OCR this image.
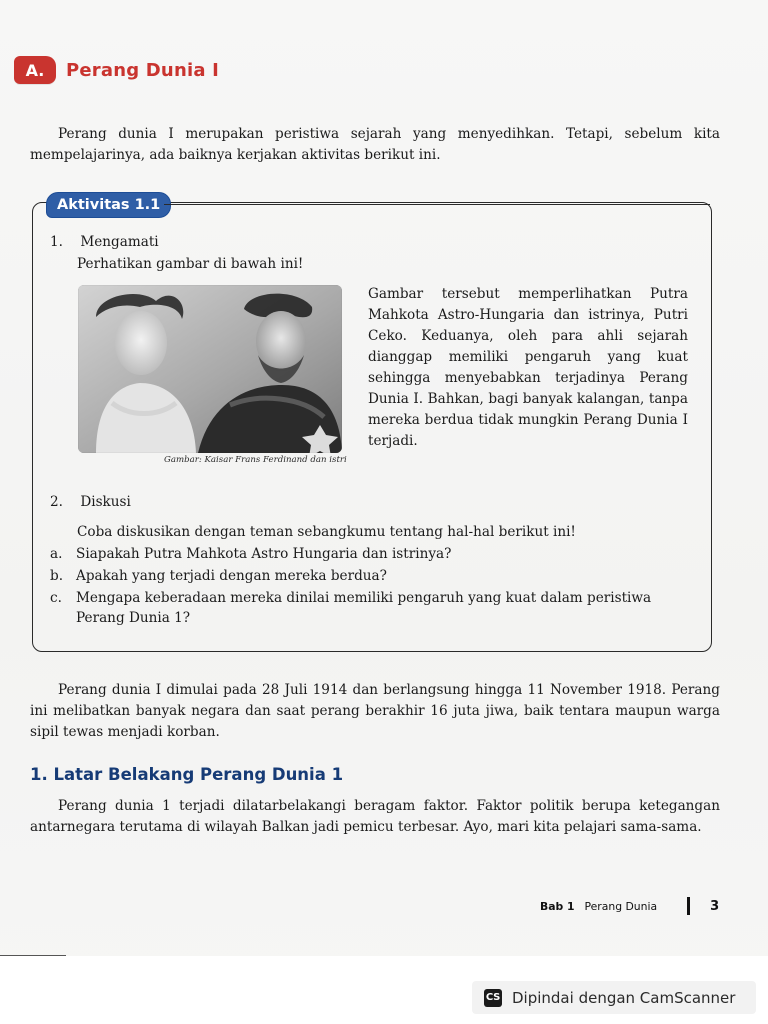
A.	Perang Dunia I
Perang dunia I merupakan peristiwa sejarah yang menyedihkan. Tetapi, sebelum kita mempelajarinya, ada baiknya kerjakan aktivitas berikut ini.
Aktivitas 1.1
1. Mengamati
Perhatikan gambar di bawah ini!
Gambar: Kaisar Frans Ferdinand dan istri
Gambar tersebut memperlihatkan Putra Mahkota Astro-Hungaria dan istrinya, Putri Ceko. Keduanya, oleh para ahli sejarah dianggap memiliki pengaruh yang kuat sehingga menyebabkan terjadinya Perang Dunia I. Bahkan, bagi banyak kalangan, tanpa mereka berdua tidak mungkin Perang Dunia I terjadi.
2. Diskusi
Coba diskusikan dengan teman sebangkumu tentang hal-hal berikut ini!
a. Siapakah Putra Mahkota Astro Hungaria dan istrinya?
b. Apakah yang terjadi dengan mereka berdua?
c.	Mengapa keberadaan mereka dinilai memiliki pengaruh yang kuat dalam peristiwa Perang Dunia 1?
Perang dunia I dimulai pada 28 Juli 1914 dan berlangsung hingga 11 November 1918. Perang ini melibatkan banyak negara dan saat perang berakhir 16 juta jiwa, baik tentara maupun warga sipil tewas menjadi korban.
1. Latar Belakang Perang Dunia 1
Perang dunia 1 terjadi dilatarbelakangi beragam faktor. Faktor politik berupa ketegangan antarnegara terutama di wilayah Balkan jadi pemicu terbesar. Ayo, mari kita pelajari sama-sama.
Bab 1 Perang Dunia	3
CS Dipindai dengan CamScanner
